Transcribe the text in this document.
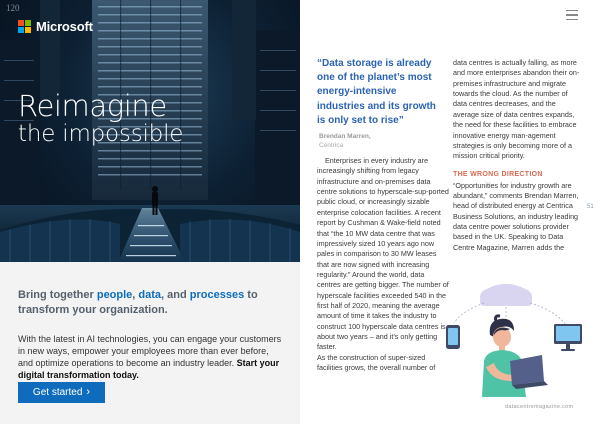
120
Microsoft
Reimagine
the impossible
Bring together people, data, and processes to transform your organization.
With the latest in AI technologies, you can engage your customers in new ways, empower your employees more than ever before, and optimize operations to become an industry leader. Start your digital transformation today.
Get started ›
“Data storage is already one of the planet’s most energy-intensive industries and its growth is only set to rise”
Brendan Marren,
Centrica

Enterprises in every industry are increasingly shifting from legacy infrastructure and on-premises data centre solutions to hyperscale-sup-ported public cloud, or increasingly sizable enterprise colocation facilities. A recent report by Cushman & Wake-field noted that “the 10 MW data centre that was impressively sized 10 years ago now pales in comparison to 30 MW leases that are now signed with increasing regularity.” Around the world, data centres are getting bigger. The number of hyperscale facilities exceeded 540 in the first half of 2020, meaning the average amount of time it takes the industry to construct 100 hyperscale data centres is about two years – and it’s only getting faster.

As the construction of super-sized facilities grows, the overall number of

data centres is actually falling, as more and more enterprises abandon their on-premises infrastructure and migrate towards the cloud. As the number of data centres decreases, and the average size of data centres expands, the need for these facilities to embrace innovative energy man-agement strategies is only becoming more of a mission critical priority.

THE WRONG DIRECTION

“Opportunities for industry growth are abundant,” comments Brendan Marren, head of distributed energy at Centrica Business Solutions, an industry leading data centre power solutions provider based in the UK. Speaking to Data Centre Magazine, Marren adds the

51
datacentremagazine.com
